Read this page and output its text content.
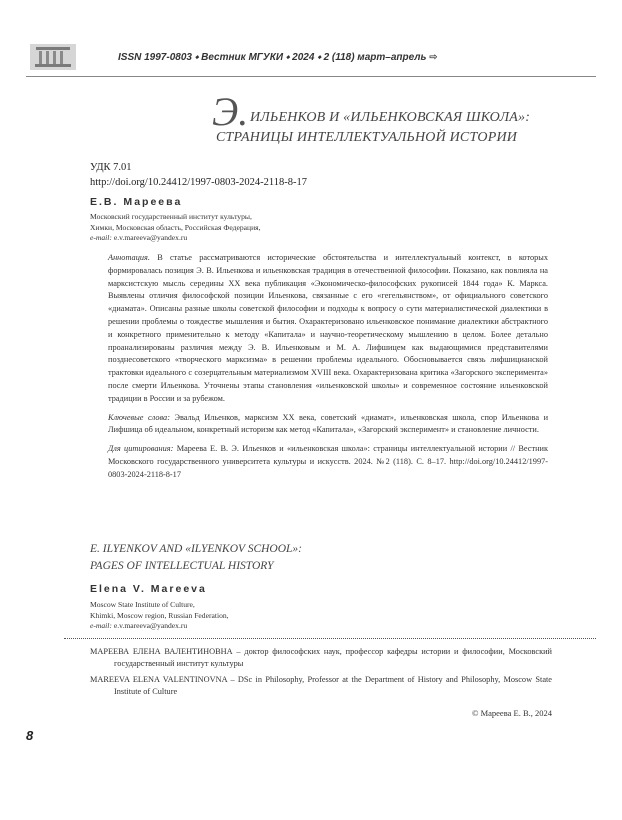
ISSN 1997-0803 ⬩ Вестник МГУКИ ⬩ 2024 ⬩ 2 (118) март–апрель ⇨
Э. ИЛЬЕНКОВ И «ИЛЬЕНКОВСКАЯ ШКОЛА»:
СТРАНИЦЫ ИНТЕЛЛЕКТУАЛЬНОЙ ИСТОРИИ
УДК 7.01
http://doi.org/10.24412/1997-0803-2024-2118-8-17
Е.В. Мареева
Московский государственный институт культуры,
Химки, Московская область, Российская Федерация,
e-mail: e.v.mareeva@yandex.ru

Аннотация. В статье рассматриваются исторические обстоятельства и интеллектуальный контекст, в которых формировалась позиция Э. В. Ильенкова и ильенковская традиция в отечественной философии. Показано, как повлияла на марксистскую мысль середины XX века публикация «Экономическо-философских рукописей 1844 года» К. Маркса. Выявлены отличия философской позиции Ильенкова, связанные с его «гегельянством», от официального советского «диамата». Описаны разные школы советской философии и подходы к вопросу о сути материалистической диалектики в решении проблемы о тождестве мышления и бытия. Охарактеризовано ильенковское понимание диалектики абстрактного и конкретного применительно к методу «Капитала» и научно-теоретическому мышлению в целом. Более детально проанализированы различия между Э. В. Ильенковым и М. А. Лифшицем как выдающимися представителями позднесоветского «творческого марксизма» в решении проблемы идеального. Обосновывается связь лифшицианской трактовки идеального с созерцательным материализмом XVIII века. Охарактеризована критика «Загорского эксперимента» после смерти Ильенкова. Уточнены этапы становления «ильенковской школы» и современное состояние ильенковской традиции в России и за рубежом.

Ключевые слова: Эвальд Ильенков, марксизм XX века, советский «диамат», ильенковская школа, спор Ильенкова и Лифшица об идеальном, конкретный историзм как метод «Капитала», «Загорский эксперимент» и становление личности.

Для цитирования: Мареева Е. В. Э. Ильенков и «ильенковская школа»: страницы интеллектуальной истории // Вестник Московского государственного университета культуры и искусств. 2024. №2 (118). С. 8–17. http://doi.org/10.24412/1997-0803-2024-2118-8-17

E. ILYENKOV AND «ILYENKOV SCHOOL»:
PAGES OF INTELLECTUAL HISTORY
Elena V. Mareeva
Moscow State Institute of Culture,
Khimki, Moscow region, Russian Federation,
e-mail: e.v.mareeva@yandex.ru

МАРЕЕВА ЕЛЕНА ВАЛЕНТИНОВНА – доктор философских наук, профессор кафедры истории и философии, Московский государственный институт культуры

MAREEVA ELENA VALENTINOVNA – DSc in Philosophy, Professor at the Department of History and Philosophy, Moscow State Institute of Culture

© Мареева Е. В., 2024
8
